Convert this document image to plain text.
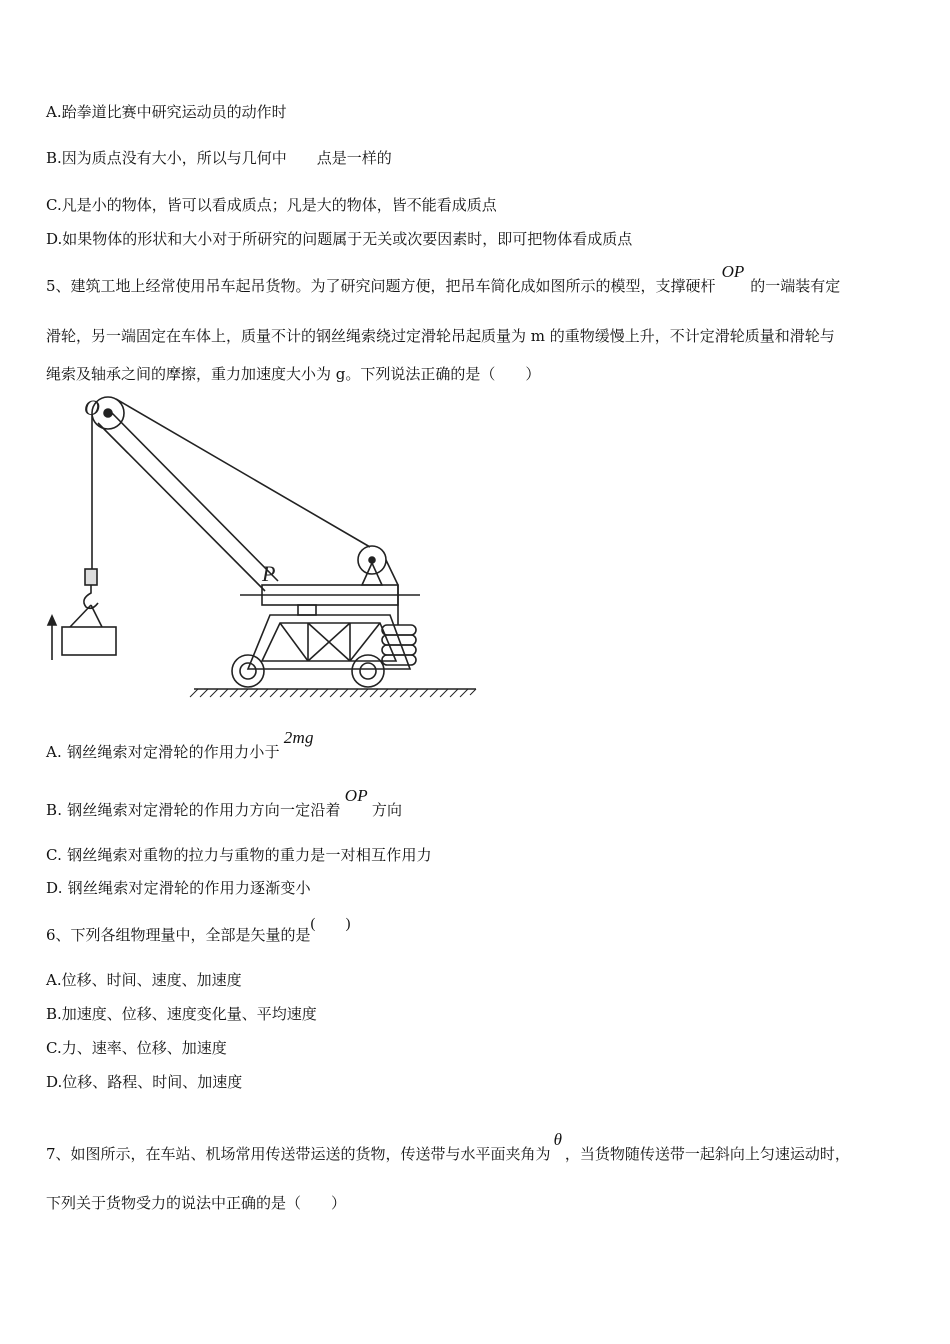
A.跆拳道比赛中研究运动员的动作时
B.因为质点没有大小，所以与几何中 点是一样的
C.凡是小的物体，皆可以看成质点；凡是大的物体，皆不能看成质点
D.如果物体的形状和大小对于所研究的问题属于无关或次要因素时，即可把物体看成质点
5、建筑工地上经常使用吊车起吊货物。为了研究问题方便，把吊车简化成如图所示的模型，支撑硬杆OP的一端装有定
滑轮，另一端固定在车体上，质量不计的钢丝绳索绕过定滑轮吊起质量为 m 的重物缓慢上升，不计定滑轮质量和滑轮与
绳索及轴承之间的摩擦，重力加速度大小为 g。下列说法正确的是（　　）
O
P
A. 钢丝绳索对定滑轮的作用力小于2mg
B. 钢丝绳索对定滑轮的作用力方向一定沿着OP方向
C. 钢丝绳索对重物的拉力与重物的重力是一对相互作用力
D. 钢丝绳索对定滑轮的作用力逐渐变小
6、下列各组物理量中，全部是矢量的是(　　)
A.位移、时间、速度、加速度
B.加速度、位移、速度变化量、平均速度
C.力、速率、位移、加速度
D.位移、路程、时间、加速度
7、如图所示，在车站、机场常用传送带运送的货物，传送带与水平面夹角为θ，当货物随传送带一起斜向上匀速运动时，
下列关于货物受力的说法中正确的是（　　）
